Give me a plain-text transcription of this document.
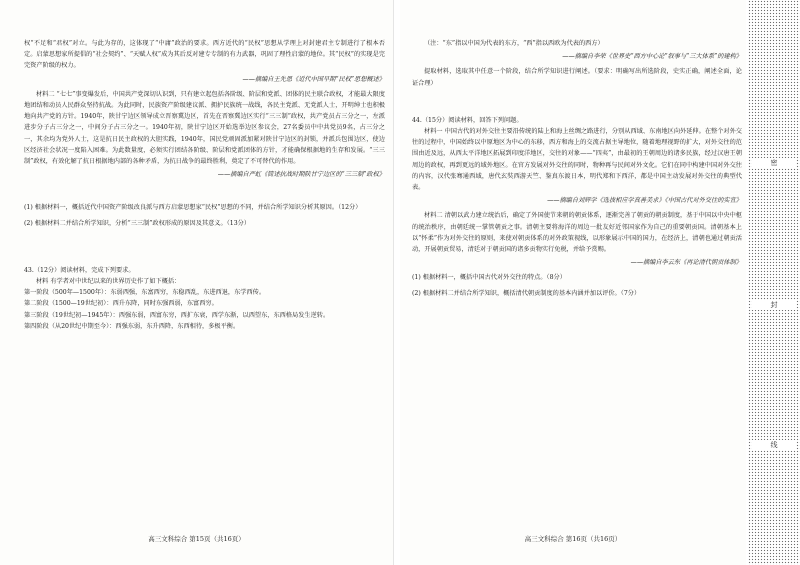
权“不足和“君权”对立。与此为存的，这体现了“中庸”政治的要求。西方近代的“民权”思想从学理上对封建君主专制进行了根本否定。启蒙思想家所提倡的“社会契约”、“天赋人权”成为其后反对建专专制的有力武器，巩固了理性启蒙的地位。其“民权”的实现是完完资产阶级的权力。

——摘编自王先恩《近代中国早期“民权”思想概述》

材料二 “七七”事变爆发后，中国共产党深切认识到，只有建立起包括各阶级、阶层和党派、团体的民主联合政权，才能最大限度地团结和动员人民群众坚持抗战。为此同时，民族资产阶级建议派、拥护民族统一战线，各民主党派、无党派人士，开明绅士也积极地向共产党的方针。1940年，陕甘宁边区领导成立晋察冀边区，首先在晋察冀边区实行“三三制”政权，共产党员占三分之一，左派进步分子占三分之一，中间分子占三分之一。1940年初，陕甘宁边区开始选举边区参议会，27名委员中中共党员9名，占三分之一，其余均为党外人士，这是抗日民主政权的大胆实践，1940年，国民党顽固派加紧对陕甘宁边区的封锁，并派兵包围边区，使边区经济社会状况一度陷入困难。为此数量度，必须实行团结各阶级、阶层和党派团体的方针，才能确保根据地的生存和发展。“三三制”政权，有效化解了抗日根据地内部的各种矛盾，为抗日战争的最终胜利，奠定了不可替代的作用。

——摘编自严虹《简述抗战时期陕甘宁边区的“三三制”政权》

(1) 根据材料一，概括近代中国资产阶级改良派与西方启蒙思想家“民权”思想的不同，并结合所学知识分析其原因。（12分）

(2) 根据材料二并结合所学知识，分析“三三制”政权形成的原因及其意义。（13分）

43.（12分）阅读材料，完成下列要求。

材料 有学者对中世纪以来的世界历史作了如下概括：

第一阶段（500年—1500年）：东弱西强，东富西穷，东稳西乱，东进西退，东学西传。

第二阶段（1500—19世纪初）：西升东降，同时东强西弱，东富西穷。

第三阶段（19世纪初—1945年）：西强东弱，西富东穷，西扩东衰，西学东渐，以西望东，东西格局发生逆转。

第四阶段（从20世纪中期至今）：西强东弱，东升西降，东西相待，多极平衡。

高三文科综合 第15页（共16页）

（注：“东”指以中国为代表的东方，“西”指以西欧为代表的西方）

——摘编自李荣《世界史“西方中心论”叙事与“三大体系”的建构》

提取材料，选取其中任意一个阶段，结合所学知识进行阐述。（要求：明确写出所选阶段，史实正确，阐述全面，论证合理）

44.（15分）阅读材料，回答下列问题。

材料一 中国古代的对外交往主要沿传统的陆上和海上丝绸之路进行，分别从西域、东南地区向外延伸。在整个对外交往的过程中，中国始终以中原地区为中心的东移，西方和海上的交流占据主导地位，随着地理视野的扩大，对外交往的范围由近及远，从西太平洋地区拓展到印度洋地区，交往的对象——“四夷”，由最初的王朝周边的诸多民族，经过汉唐王朝周边的政权，再到更远的域外地区。在官方发展对外交往的同时，物种再与民间对外文化。它们在同中构建中国对外交往的内容，汉代张骞通西域，唐代玄奘西游天竺、鉴真东渡日本，明代郑和下西洋，都是中国主动发展对外交往的典型代表。

——摘编自刘辉学《选拔相应学真善美求》《中国古代对外交往的实宜》

材料二 清朝以武力建立统治后，确定了外国使节来朝的朝贡体系，逐渐完善了朝贡的朝贡制度，基于中国以中央中枢的统治秩序，由朝廷统一掌管朝贡之事。清朝主要将海洋的周边一批友好近邻国家作为自己的重要朝贡国。清朝基本上以“怀柔”作为对外交往的原则，来使对朝贡体系的对外政策视线，以形象展示中国的国力，在经济上，清朝也通过朝贡活动，开展朝贡贸易，清廷对于朝贡国的诸多贡物实行免税，并给予赏赐。

——摘编自李云东《再论清代朝贡体制》

(1) 根据材料一，概括中国古代对外交往的特点。（8分）

(2) 根据材料二并结合所学知识，概括清代朝贡制度的基本内涵并加以评价。（7分）

高三文科综合 第16页（共16页）
密
封
线
